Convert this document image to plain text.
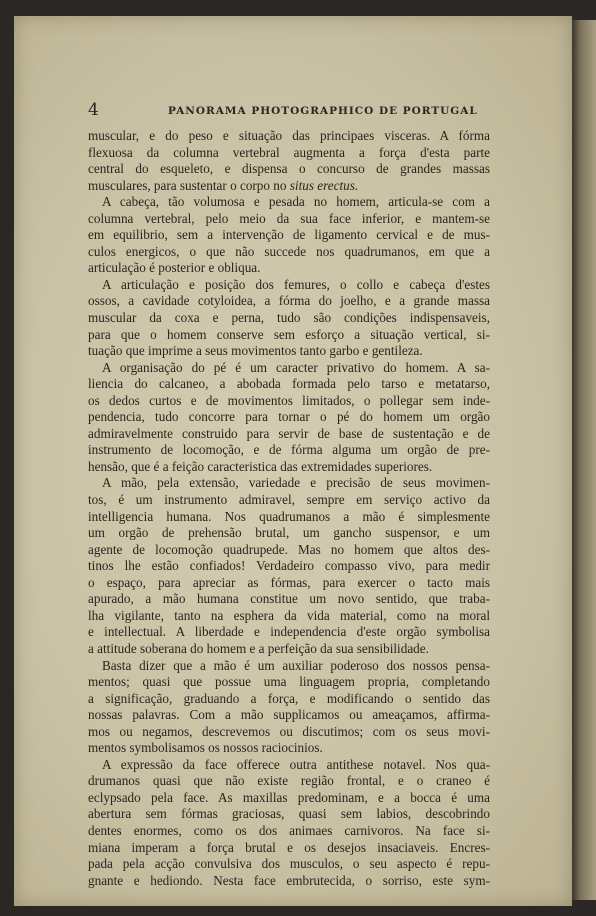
4	PANORAMA PHOTOGRAPHICO DE PORTUGAL
muscular, e do peso e situação das principaes visceras. A fórma
flexuosa da columna vertebral augmenta a força d'esta parte
central do esqueleto, e dispensa o concurso de grandes massas
musculares, para sustentar o corpo no situs erectus.
A cabeça, tão volumosa e pesada no homem, articula-se com a
columna vertebral, pelo meio da sua face inferior, e mantem-se
em equilibrio, sem a intervenção de ligamento cervical e de mus-
culos energicos, o que não succede nos quadrumanos, em que a
articulação é posterior e obliqua.
A articulação e posição dos femures, o collo e cabeça d'estes
ossos, a cavidade cotyloidea, a fórma do joelho, e a grande massa
muscular da coxa e perna, tudo são condições indispensaveis,
para que o homem conserve sem esforço a situação vertical, si-
tuação que imprime a seus movimentos tanto garbo e gentileza.
A organisação do pé é um caracter privativo do homem. A sa-
liencia do calcaneo, a abobada formada pelo tarso e metatarso,
os dedos curtos e de movimentos limitados, o pollegar sem inde-
pendencia, tudo concorre para tornar o pé do homem um orgão
admiravelmente construido para servir de base de sustentação e de
instrumento de locomoção, e de fórma alguma um orgão de pre-
hensão, que é a feição caracteristica das extremidades superiores.
A mão, pela extensão, variedade e precisão de seus movimen-
tos, é um instrumento admiravel, sempre em serviço activo da
intelligencia humana. Nos quadrumanos a mão é simplesmente
um orgão de prehensão brutal, um gancho suspensor, e um
agente de locomoção quadrupede. Mas no homem que altos des-
tinos lhe estão confiados! Verdadeiro compasso vivo, para medir
o espaço, para apreciar as fórmas, para exercer o tacto mais
apurado, a mão humana constitue um novo sentido, que traba-
lha vigilante, tanto na esphera da vida material, como na moral
e intellectual. A liberdade e independencia d'este orgão symbolisa
a attitude soberana do homem e a perfeição da sua sensibilidade.
Basta dizer que a mão é um auxiliar poderoso dos nossos pensa-
mentos; quasi que possue uma linguagem propria, completando
a significação, graduando a força, e modificando o sentido das
nossas palavras. Com a mão supplicamos ou ameaçamos, affirma-
mos ou negamos, descrevemos ou discutimos; com os seus movi-
mentos symbolisamos os nossos raciocinios.
A expressão da face offerece outra antithese notavel. Nos qua-
drumanos quasi que não existe região frontal, e o craneo é
eclypsado pela face. As maxillas predominam, e a bocca é uma
abertura sem fórmas graciosas, quasi sem labios, descobrindo
dentes enormes, como os dos animaes carnivoros. Na face si-
miana imperam a força brutal e os desejos insaciaveis. Encres-
pada pela acção convulsiva dos musculos, o seu aspecto é repu-
gnante e hediondo. Nesta face embrutecida, o sorriso, este sym-
